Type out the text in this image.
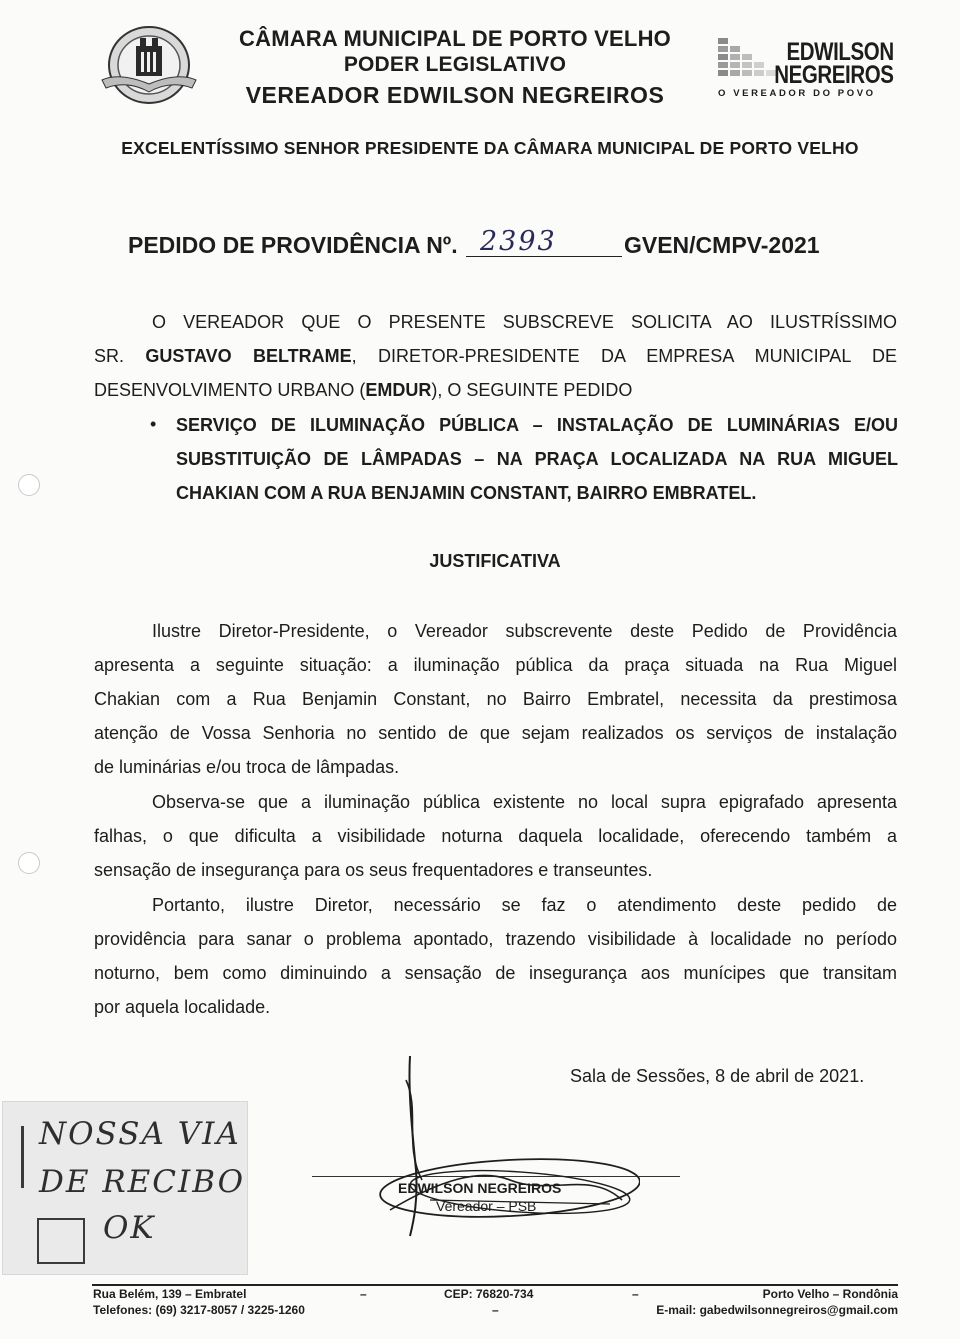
CÂMARA MUNICIPAL DE PORTO VELHO
PODER LEGISLATIVO
VEREADOR EDWILSON NEGREIROS
EDWILSON
NEGREIROS
O VEREADOR DO POVO
EXCELENTÍSSIMO SENHOR PRESIDENTE DA CÂMARA MUNICIPAL DE PORTO VELHO
PEDIDO DE PROVIDÊNCIA Nº. 2393	GVEN/CMPV-2021
O VEREADOR QUE O PRESENTE SUBSCREVE SOLICITA AO ILUSTRÍSSIMO
SR. GUSTAVO BELTRAME, DIRETOR-PRESIDENTE DA EMPRESA MUNICIPAL DE
DESENVOLVIMENTO URBANO (EMDUR), O SEGUINTE PEDIDO
• SERVIÇO DE ILUMINAÇÃO PÚBLICA – INSTALAÇÃO DE LUMINÁRIAS E/OU
SUBSTITUIÇÃO DE LÂMPADAS – NA PRAÇA LOCALIZADA NA RUA MIGUEL
CHAKIAN COM A RUA BENJAMIN CONSTANT, BAIRRO EMBRATEL.
JUSTIFICATIVA
Ilustre Diretor-Presidente, o Vereador subscrevente deste Pedido de Providência
apresenta a seguinte situação: a iluminação pública da praça situada na Rua Miguel
Chakian com a Rua Benjamin Constant, no Bairro Embratel, necessita da prestimosa
atenção de Vossa Senhoria no sentido de que sejam realizados os serviços de instalação
de luminárias e/ou troca de lâmpadas.
Observa-se que a iluminação pública existente no local supra epigrafado apresenta
falhas, o que dificulta a visibilidade noturna daquela localidade, oferecendo também a
sensação de insegurança para os seus frequentadores e transeuntes.
Portanto, ilustre Diretor, necessário se faz o atendimento deste pedido de
providência para sanar o problema apontado, trazendo visibilidade à localidade no período
noturno, bem como diminuindo a sensação de insegurança aos munícipes que transitam
por aquela localidade.
Sala de Sessões, 8 de abril de 2021.
EDWILSON NEGREIROS
Vereador – PSB
NOSSA VIA
DE RECIBO
OK
Rua Belém, 139 – Embratel
Telefones: (69) 3217-8057 / 3225-1260
–	CEP: 76820-734
–
–	Porto Velho – Rondônia
E-mail: gabedwilsonnegreiros@gmail.com
